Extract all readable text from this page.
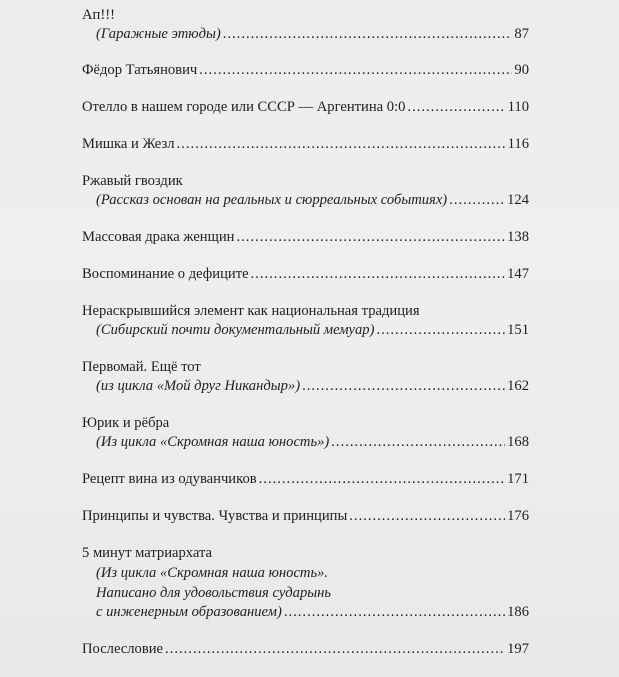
Ап!!!
(Гаражные этюды) .....	87
Фёдор Татьянович .....	90
Отелло в нашем городе или СССР — Аргентина 0:0 .....	110
Мишка и Жезл .....	116
Ржавый гвоздик
(Рассказ основан на реальных и сюрреальных событиях) .....	124
Массовая драка женщин .....	138
Воспоминание о дефиците .....	147
Нераскрывшийся элемент как национальная традиция
(Сибирский почти документальный мемуар) .....	151
Первомай. Ещё тот
(из цикла «Мой друг Никандыр») .....	162
Юрик и рёбра
(Из цикла «Скромная наша юность») .....	168
Рецепт вина из одуванчиков .....	171
Принципы и чувства. Чувства и принципы .....	176
5 минут матриархата
(Из цикла «Скромная наша юность».
Написано для удовольствия сударынь
с инженерным образованием) .....	186
Послесловие .....	197
